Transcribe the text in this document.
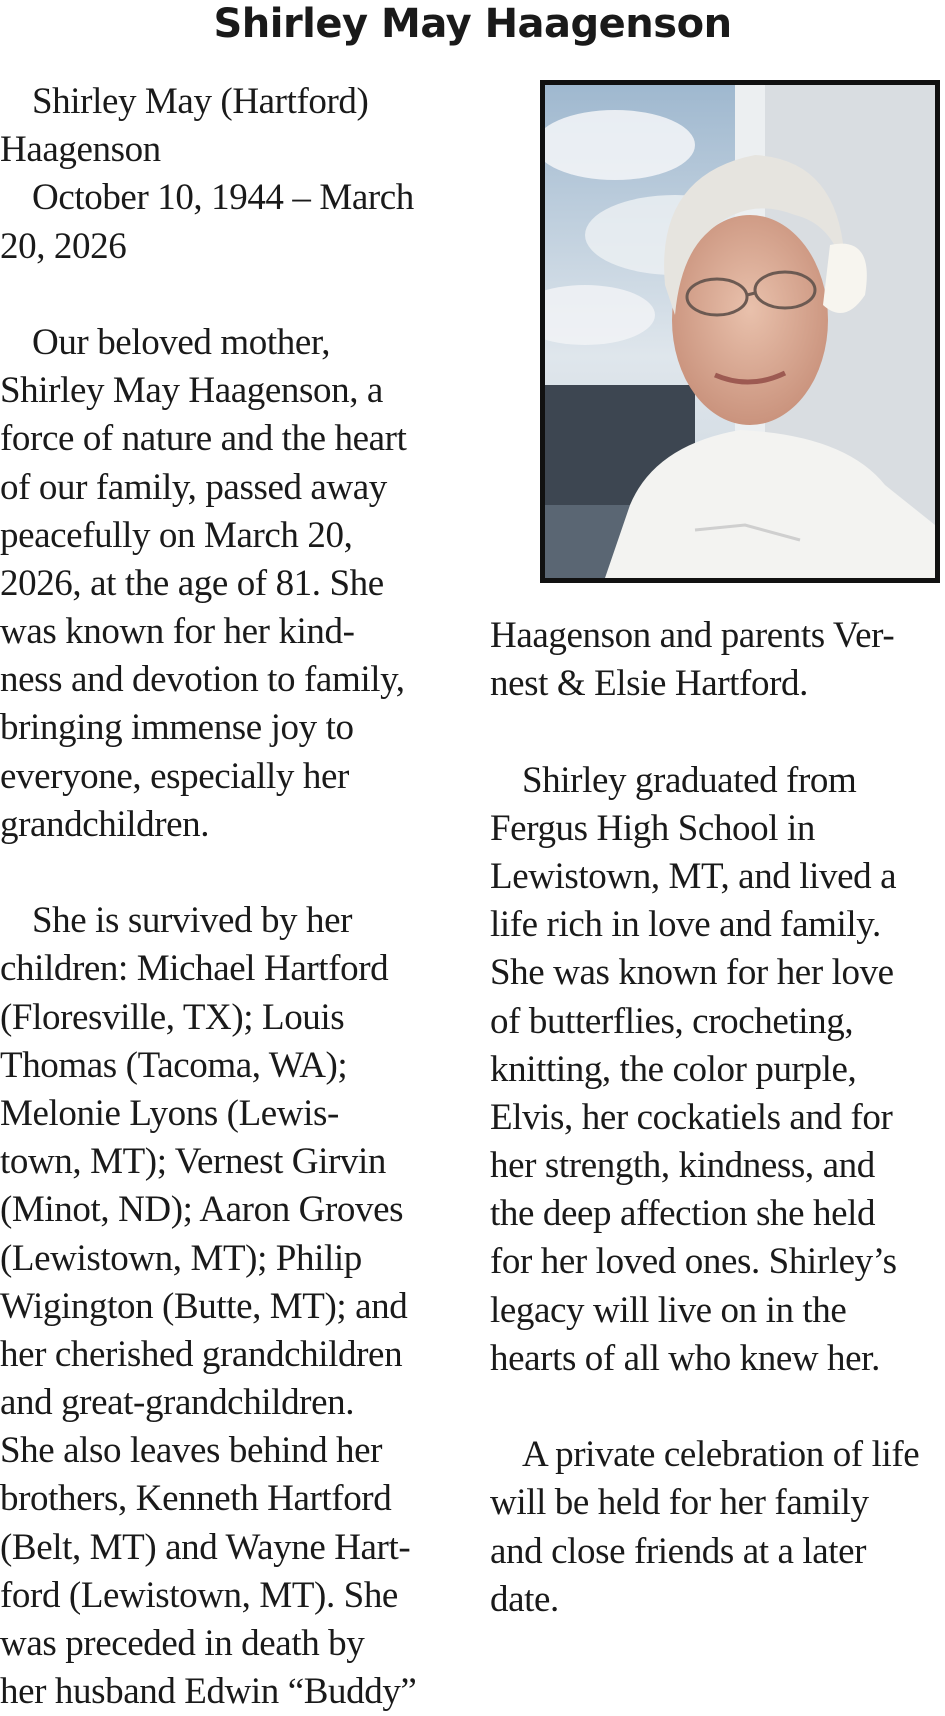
Shirley May Haagenson
Shirley May (Hartford)
Haagenson
October 10, 1944 – March
20, 2026
Our beloved mother,
Shirley May Haagenson, a
force of nature and the heart
of our family, passed away
peacefully on March 20,
2026, at the age of 81. She
was known for her kind-
ness and devotion to family,
bringing immense joy to
everyone, especially her
grandchildren.
She is survived by her
children: Michael Hartford
(Floresville, TX); Louis
Thomas (Tacoma, WA);
Melonie Lyons (Lewis-
town, MT); Vernest Girvin
(Minot, ND); Aaron Groves
(Lewistown, MT); Philip
Wigington (Butte, MT); and
her cherished grandchildren
and great-grandchildren.
She also leaves behind her
brothers, Kenneth Hartford
(Belt, MT) and Wayne Hart-
ford (Lewistown, MT). She
was preceded in death by
her husband Edwin “Buddy”
Haagenson and parents Ver-
nest & Elsie Hartford.
Shirley graduated from
Fergus High School in
Lewistown, MT, and lived a
life rich in love and family.
She was known for her love
of butterflies, crocheting,
knitting, the color purple,
Elvis, her cockatiels and for
her strength, kindness, and
the deep affection she held
for her loved ones. Shirley’s
legacy will live on in the
hearts of all who knew her.
A private celebration of life
will be held for her family
and close friends at a later
date.
